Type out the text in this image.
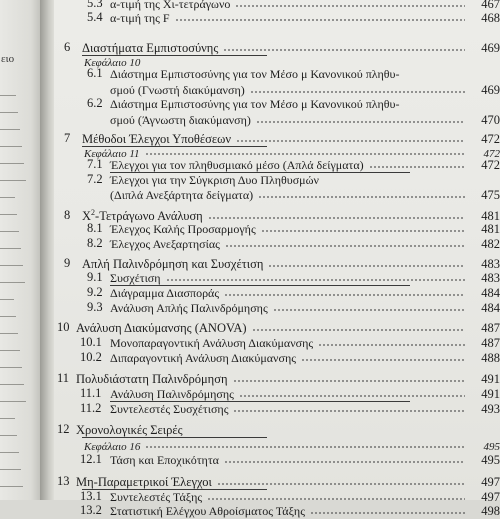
ειο
5.3 α-τιμή της Χι-τετράγωνο	467
5.4 α-τιμή της F	468
6 Διαστήματα Εμπιστοσύνης	469
Κεφάλαιο 10
6.1 Διάστημα Εμπιστοσύνης για τον Μέσο μ Κανονικού πληθυ-
σμού (Γνωστή διακύμανση)	469
6.2 Διάστημα Εμπιστοσύνης για τον Μέσο μ Κανονικού πληθυ-
σμού (Άγνωστη διακύμανση)	470
7 Μέθοδοι Έλεγχοι Υποθέσεων	472
Κεφάλαιο 11	472
7.1 Έλεγχοι για τον πληθυσμιακό μέσο (Απλά δείγματα)	472
7.2 Έλεγχοι για την Σύγκριση Δυο Πληθυσμών
(Διπλά Ανεξάρτητα δείγματα)	475
8 $X^2$-Τετράγωνο Ανάλυση	481
8.1 Έλεγχος Καλής Προσαρμογής	481
8.2 Έλεγχος Ανεξαρτησίας	482
9 Απλή Παλινδρόμηση και Συσχέτιση	483
9.1 Συσχέτιση	483
9.2 Διάγραμμα Διασποράς	484
9.3 Ανάλυση Απλής Παλινδρόμησης	484
10 Ανάλυση Διακύμανσης (ANOVA)	487
10.1 Μονοπαραγοντική Ανάλυση Διακύμανσης	487
10.2 Διπαραγοντική Ανάλυση Διακύμανσης	488
11 Πολυδιάστατη Παλινδρόμηση	491
11.1 Ανάλυση Παλινδρόμησης	491
11.2 Συντελεστές Συσχέτισης	493
12 Χρονολογικές Σειρές
Κεφάλαιο 16	495
12.1 Τάση και Εποχικότητα	495
13 Μη-Παραμετρικοί Έλεγχοι	497
13.1 Συντελεστές Τάξης	497
13.2 Στατιστική Ελέγχου Αθροίσματος Τάξης	498
